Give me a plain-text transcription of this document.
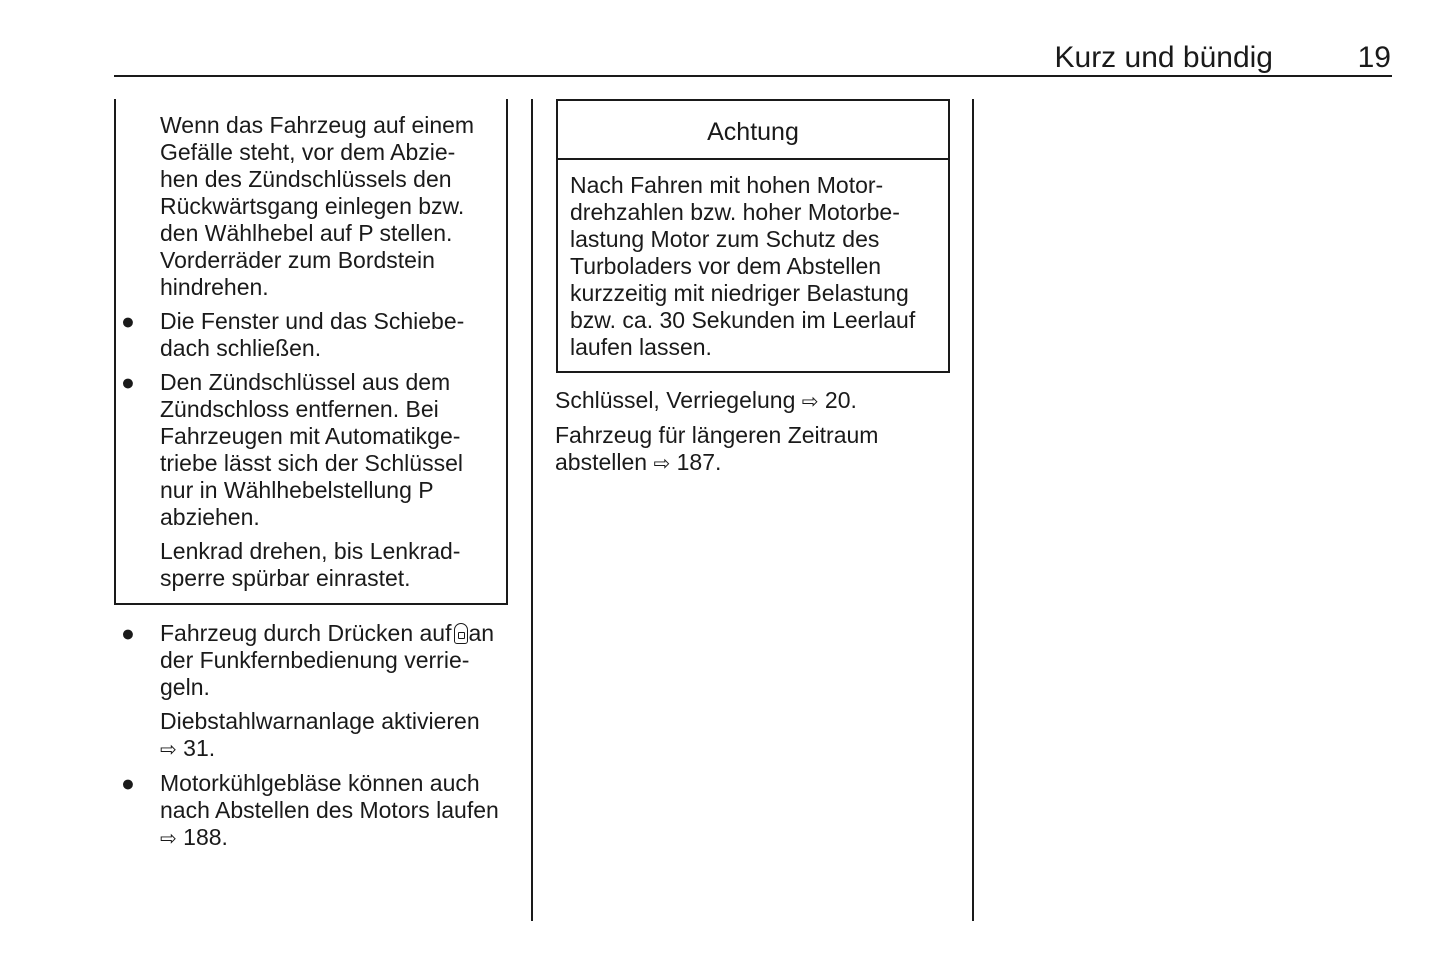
Kurz und bündig	19
Wenn das Fahrzeug auf einem
Gefälle steht, vor dem Abzie-
hen des Zündschlüssels den
Rückwärtsgang einlegen bzw.
den Wählhebel auf P stellen.
Vorderräder zum Bordstein
hindrehen.
● Die Fenster und das Schiebe-
dach schließen.
● Den Zündschlüssel aus dem
Zündschloss entfernen. Bei
Fahrzeugen mit Automatikge-
triebe lässt sich der Schlüssel
nur in Wählhebelstellung P
abziehen.
Lenkrad drehen, bis Lenkrad-
sperre spürbar einrastet.
● Fahrzeug durch Drücken auf an
der Funkfernbedienung verrie-
geln.
Diebstahlwarnanlage aktivieren
⇨ 31.
● Motorkühlgebläse können auch
nach Abstellen des Motors laufen
⇨ 188.
Achtung
Nach Fahren mit hohen Motor-
drehzahlen bzw. hoher Motorbe-
lastung Motor zum Schutz des
Turboladers vor dem Abstellen
kurzzeitig mit niedriger Belastung
bzw. ca. 30 Sekunden im Leerlauf
laufen lassen.
Schlüssel, Verriegelung ⇨ 20.
Fahrzeug für längeren Zeitraum
abstellen ⇨ 187.
